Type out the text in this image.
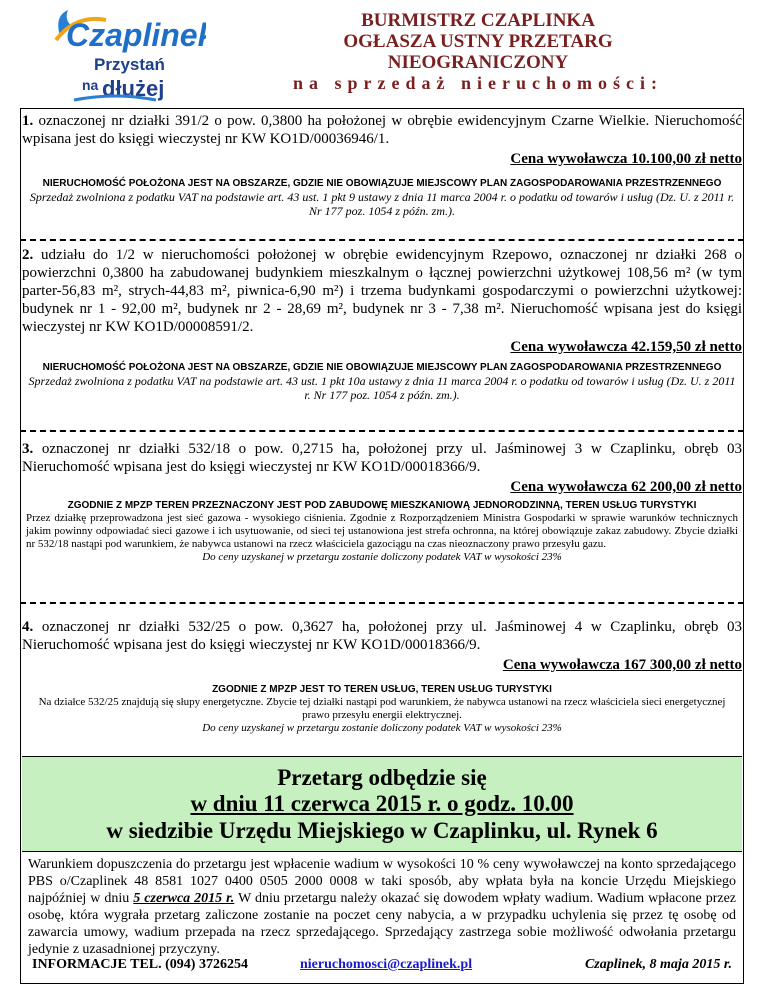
Czaplinek
Przystań
na dłużej
BURMISTRZ CZAPLINKA
OGŁASZA USTNY PRZETARG
NIEOGRANICZONY
na sprzedaż nieruchomości:

1. oznaczonej nr działki 391/2 o pow. 0,3800 ha położonej w obrębie ewidencyjnym Czarne Wielkie. Nieruchomość wpisana jest do księgi wieczystej nr KW KO1D/00036946/1.

Cena wywoławcza 10.100,00 zł netto
NIERUCHOMOŚĆ POŁOŻONA JEST NA OBSZARZE, GDZIE NIE OBOWIĄZUJE MIEJSCOWY PLAN ZAGOSPODAROWANIA PRZESTRZENNEGO
Sprzedaż zwolniona z podatku VAT na podstawie art. 43 ust. 1 pkt 9 ustawy z dnia 11 marca 2004 r. o podatku od towarów i usług (Dz. U. z 2011 r. Nr 177 poz. 1054 z późn. zm.).

2. udziału do 1/2 w nieruchomości położonej w obrębie ewidencyjnym Rzepowo, oznaczonej nr działki 268 o powierzchni 0,3800 ha zabudowanej budynkiem mieszkalnym o łącznej powierzchni użytkowej 108,56 m² (w tym parter-56,83 m², strych-44,83 m², piwnica-6,90 m²) i trzema budynkami gospodarczymi o powierzchni użytkowej: budynek nr 1 - 92,00 m², budynek nr 2 - 28,69 m², budynek nr 3 - 7,38 m². Nieruchomość wpisana jest do księgi wieczystej nr KW KO1D/00008591/2.

Cena wywoławcza 42.159,50 zł netto
NIERUCHOMOŚĆ POŁOŻONA JEST NA OBSZARZE, GDZIE NIE OBOWIĄZUJE MIEJSCOWY PLAN ZAGOSPODAROWANIA PRZESTRZENNEGO
Sprzedaż zwolniona z podatku VAT na podstawie art. 43 ust. 1 pkt 10a ustawy z dnia 11 marca 2004 r. o podatku od towarów i usług (Dz. U. z 2011 r. Nr 177 poz. 1054 z późn. zm.).

3. oznaczonej nr działki 532/18 o pow. 0,2715 ha, położonej przy ul. Jaśminowej 3 w Czaplinku, obręb 03 Nieruchomość wpisana jest do księgi wieczystej nr KW KO1D/00018366/9.

Cena wywoławcza 62 200,00 zł netto
ZGODNIE Z MPZP TEREN PRZEZNACZONY JEST POD ZABUDOWĘ MIESZKANIOWĄ JEDNORODZINNĄ, TEREN USŁUG TURYSTYKI
Przez działkę przeprowadzona jest sieć gazowa - wysokiego ciśnienia. Zgodnie z Rozporządzeniem Ministra Gospodarki w sprawie warunków technicznych jakim powinny odpowiadać sieci gazowe i ich usytuowanie, od sieci tej ustanowiona jest strefa ochronna, na której obowiązuje zakaz zabudowy. Zbycie działki nr 532/18 nastąpi pod warunkiem, że nabywca ustanowi na rzecz właściciela gazociągu na czas nieoznaczony prawo przesyłu gazu.
Do ceny uzyskanej w przetargu zostanie doliczony podatek VAT w wysokości 23%

4. oznaczonej nr działki 532/25 o pow. 0,3627 ha, położonej przy ul. Jaśminowej 4 w Czaplinku, obręb 03 Nieruchomość wpisana jest do księgi wieczystej nr KW KO1D/00018366/9.

Cena wywoławcza 167 300,00 zł netto
ZGODNIE Z MPZP JEST TO TEREN USŁUG, TEREN USŁUG TURYSTYKI
Na działce 532/25 znajdują się słupy energetyczne. Zbycie tej działki nastąpi pod warunkiem, że nabywca ustanowi na rzecz właściciela sieci energetycznej prawo przesyłu energii elektrycznej.
Do ceny uzyskanej w przetargu zostanie doliczony podatek VAT w wysokości 23%
Przetarg odbędzie się
w dniu 11 czerwca 2015 r. o godz. 10.00
w siedzibie Urzędu Miejskiego w Czaplinku, ul. Rynek 6

Warunkiem dopuszczenia do przetargu jest wpłacenie wadium w wysokości 10 % ceny wywoławczej na konto sprzedającego PBS o/Czaplinek 48 8581 1027 0400 0505 2000 0008 w taki sposób, aby wpłata była na koncie Urzędu Miejskiego najpóźniej w dniu 5 czerwca 2015 r. W dniu przetargu należy okazać się dowodem wpłaty wadium. Wadium wpłacone przez osobę, która wygrała przetarg zaliczone zostanie na poczet ceny nabycia, a w przypadku uchylenia się przez tę osobę od zawarcia umowy, wadium przepada na rzecz sprzedającego. Sprzedający zastrzega sobie możliwość odwołania przetargu jedynie z uzasadnionej przyczyny.

INFORMACJE TEL. (094) 3726254	nieruchomosci@czaplinek.pl	Czaplinek, 8 maja 2015 r.
